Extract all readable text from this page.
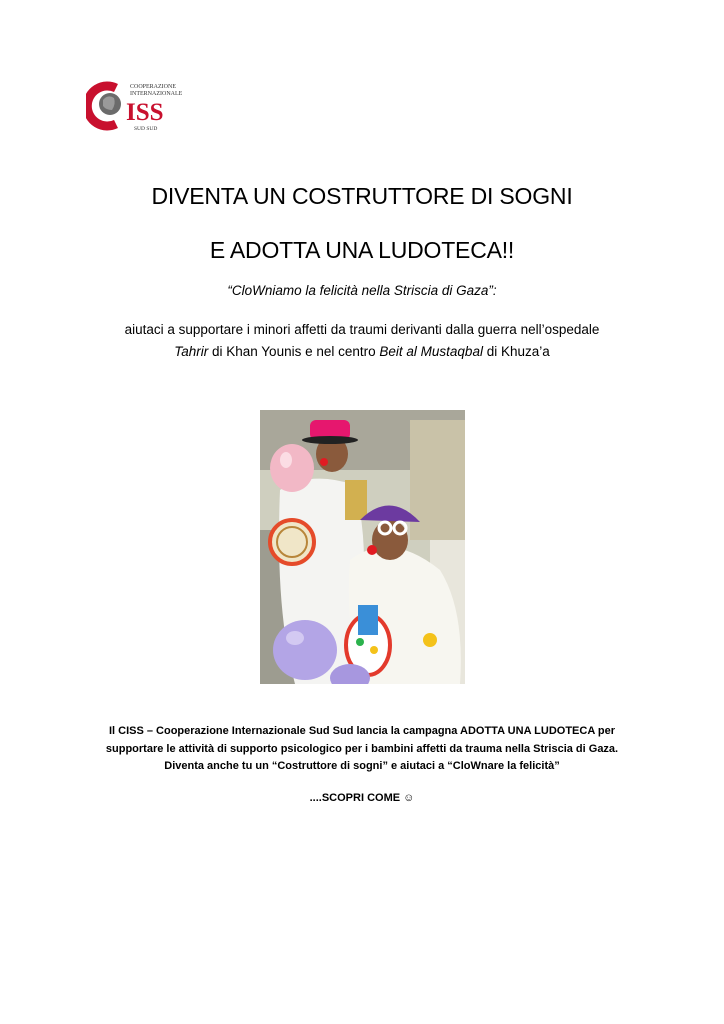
ISS
COOPERAZIONE
INTERNAZIONALE
SUD SUD
DIVENTA UN COSTRUTTORE DI SOGNI
E ADOTTA UNA LUDOTECA!!
“CloWniamo la felicità nella Striscia di Gaza”:
aiutaci a supportare i minori affetti da traumi derivanti dalla guerra nell’ospedale
Tahrir di Khan Younis e nel centro Beit al Mustaqbal di Khuza’a
Il CISS – Cooperazione Internazionale Sud Sud lancia la campagna ADOTTA UNA LUDOTECA per
supportare le attività di supporto psicologico per i bambini affetti da trauma nella Striscia di Gaza.
Diventa anche tu un “Costruttore di sogni” e aiutaci a “CloWnare la felicità”
....SCOPRI COME ☺
